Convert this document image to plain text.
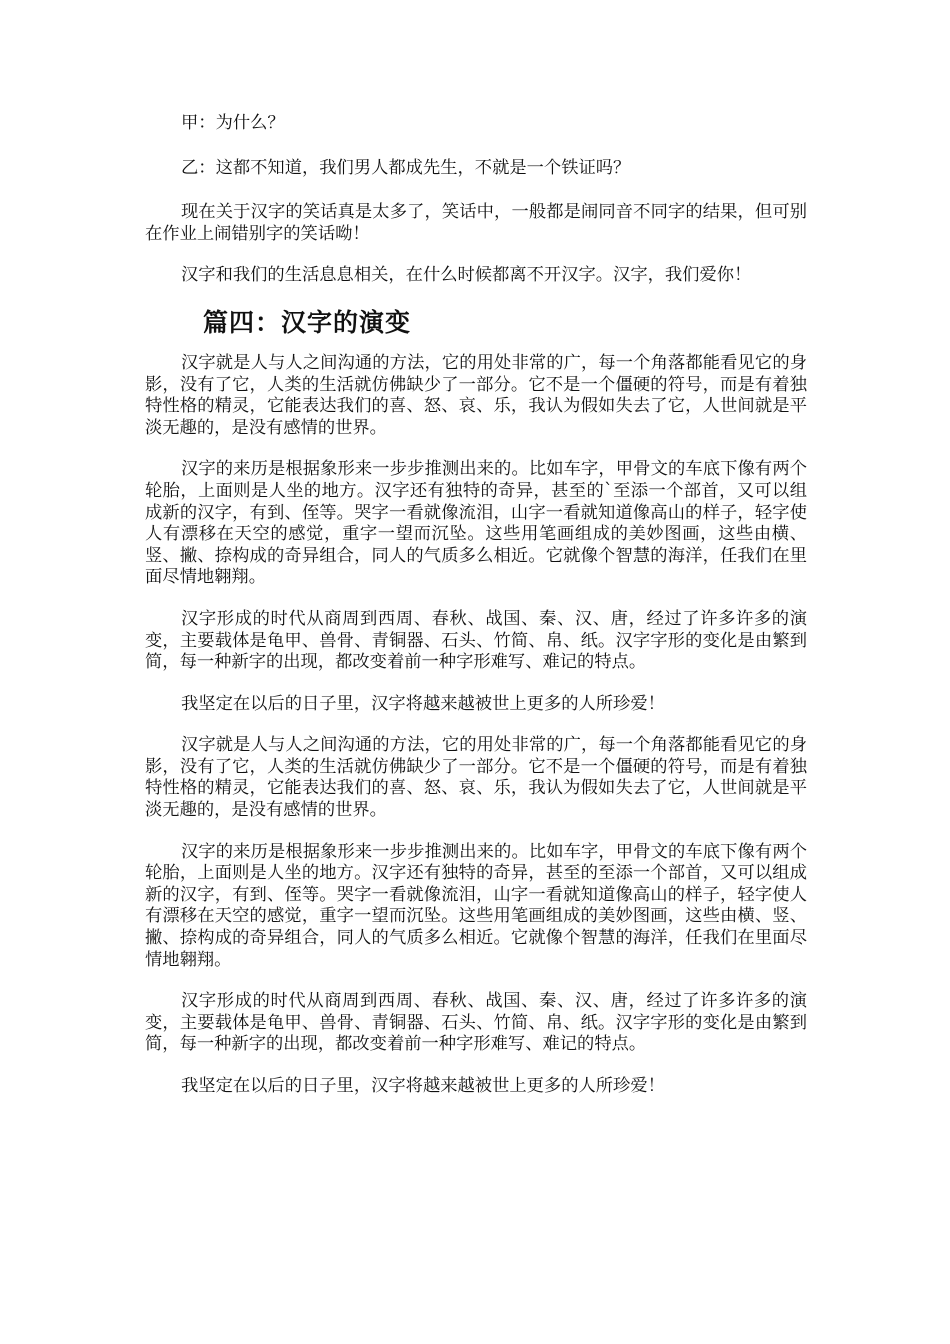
甲：为什么？

乙：这都不知道，我们男人都成先生，不就是一个铁证吗？

现在关于汉字的笑话真是太多了，笑话中，一般都是闹同音不同字的结果，但可别在作业上闹错别字的笑话呦！

汉字和我们的生活息息相关，在什么时候都离不开汉字。汉字，我们爱你！

篇四：汉字的演变

汉字就是人与人之间沟通的方法，它的用处非常的广，每一个角落都能看见它的身影，没有了它，人类的生活就仿佛缺少了一部分。它不是一个僵硬的符号，而是有着独特性格的精灵，它能表达我们的喜、怒、哀、乐，我认为假如失去了它，人世间就是平淡无趣的，是没有感情的世界。

汉字的来历是根据象形来一步步推测出来的。比如车字，甲骨文的车底下像有两个轮胎，上面则是人坐的地方。汉字还有独特的奇异，甚至的`至添一个部首，又可以组成新的汉字，有到、侄等。哭字一看就像流泪，山字一看就知道像高山的样子，轻字使人有漂移在天空的感觉，重字一望而沉坠。这些用笔画组成的美妙图画，这些由横、竖、撇、捺构成的奇异组合，同人的气质多么相近。它就像个智慧的海洋，任我们在里面尽情地翱翔。

汉字形成的时代从商周到西周、春秋、战国、秦、汉、唐，经过了许多许多的演变，主要载体是龟甲、兽骨、青铜器、石头、竹简、帛、纸。汉字字形的变化是由繁到简，每一种新字的出现，都改变着前一种字形难写、难记的特点。

我坚定在以后的日子里，汉字将越来越被世上更多的人所珍爱！

汉字就是人与人之间沟通的方法，它的用处非常的广，每一个角落都能看见它的身影，没有了它，人类的生活就仿佛缺少了一部分。它不是一个僵硬的符号，而是有着独特性格的精灵，它能表达我们的喜、怒、哀、乐，我认为假如失去了它，人世间就是平淡无趣的，是没有感情的世界。

汉字的来历是根据象形来一步步推测出来的。比如车字，甲骨文的车底下像有两个轮胎，上面则是人坐的地方。汉字还有独特的奇异，甚至的至添一个部首，又可以组成新的汉字，有到、侄等。哭字一看就像流泪，山字一看就知道像高山的样子，轻字使人有漂移在天空的感觉，重字一望而沉坠。这些用笔画组成的美妙图画，这些由横、竖、撇、捺构成的奇异组合，同人的气质多么相近。它就像个智慧的海洋，任我们在里面尽情地翱翔。

汉字形成的时代从商周到西周、春秋、战国、秦、汉、唐，经过了许多许多的演变，主要载体是龟甲、兽骨、青铜器、石头、竹简、帛、纸。汉字字形的变化是由繁到简，每一种新字的出现，都改变着前一种字形难写、难记的特点。

我坚定在以后的日子里，汉字将越来越被世上更多的人所珍爱！
